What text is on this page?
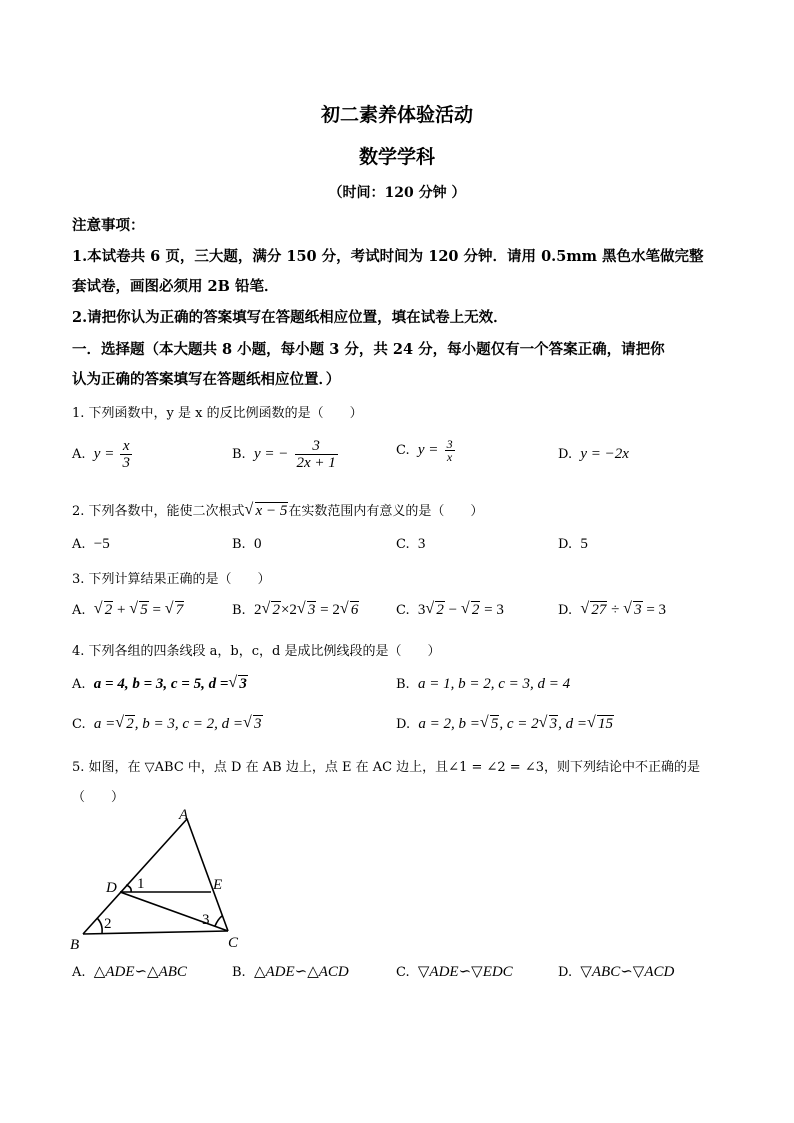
初二素养体验活动
数学学科
（时间：120 分钟 ）
注意事项：
1.本试卷共 6 页，三大题，满分 150 分，考试时间为 120 分钟．请用 0.5mm 黑色水笔做完整
套试卷，画图必须用 2B 铅笔．
2.请把你认为正确的答案填写在答题纸相应位置，填在试卷上无效．
一．选择题（本大题共 8 小题，每小题 3 分，共 24 分，每小题仅有一个答案正确，请把你
认为正确的答案填写在答题纸相应位置．）
1. 下列函数中，y 是 x 的反比例函数的是（　　）
A. $y = \frac{x}{3}$	B. y = − $\frac{3}{2x + 1}$	C. $y = \frac{3}{x}$	D. y = −2x
2. 下列各数中，能使二次根式 √ x − 5在实数范围内有意义的是（　　）
A. −5	B. 0	C. 3	D. 5
3. 下列计算结果正确的是（　　）
A. √ 2 + √ 5 = √ 7	B. 2 √ 2×2 √ 3 = 2 √ 6	C. 3 √ 2 − √ 2 = 3	D. √ 27 ÷ √ 3 = 3
4. 下列各组的四条线段 a，b，c，d 是成比例线段的是（　　）
A. a = 4, b = 3, c = 5, d = √ 3	B. a = 1, b = 2, c = 3, d = 4
C. a = √ 2, b = 3, c = 2, d = √ 3	D. a = 2, b = √ 5, c = 2 √ 3, d = √ 15
5. 如图，在 ▽ABC 中，点 D 在 AB 边上，点 E 在 AC 边上，且∠1 = ∠2 = ∠3，则下列结论中不正确的是
（　　）
A
B	C
D	E
1
2	3
A. △ADE∽△ABC	B. △ADE∽△ACD	C. ▽ADE∽▽EDC	D. ▽ABC∽▽ACD
